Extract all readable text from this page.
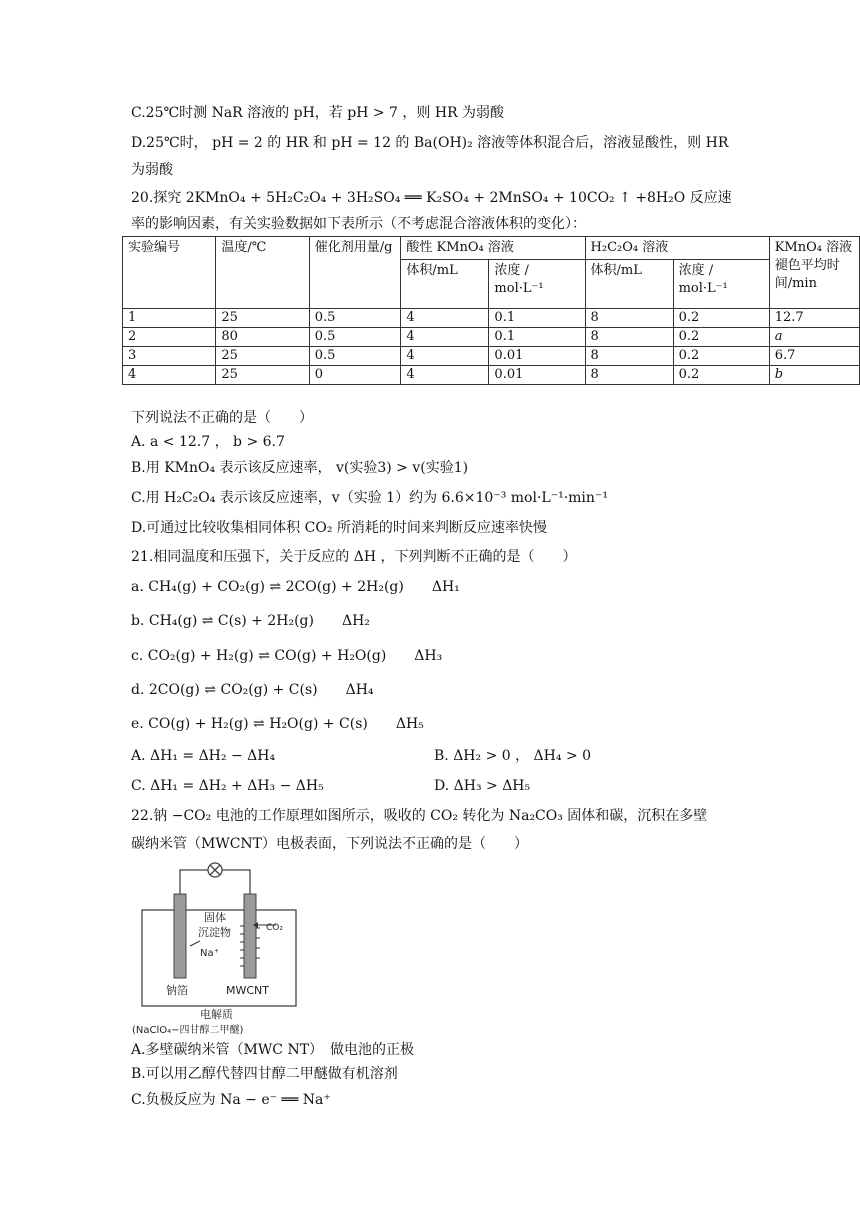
C.25℃时测 NaR 溶液的 pH，若 pH > 7 ，则 HR 为弱酸
D.25℃时， pH = 2 的 HR 和 pH = 12 的 Ba(OH)₂ 溶液等体积混合后，溶液显酸性，则 HR
为弱酸
20.探究 2KMnO₄ + 5H₂C₂O₄ + 3H₂SO₄ ══ K₂SO₄ + 2MnSO₄ + 10CO₂ ↑ +8H₂O 反应速
率的影响因素，有关实验数据如下表所示（不考虑混合溶液体积的变化）：
实验编号	温度/℃	催化剂用量/g	酸性 KMnO₄ 溶液		H₂C₂O₄ 溶液		KMnO₄ 溶液褪色平均时间/min
			体积/mL	浓度 / mol·L⁻¹	体积/mL	浓度 / mol·L⁻¹	
1	25	0.5	4	0.1	8	0.2	12.7
2	80	0.5	4	0.1	8	0.2	a
3	25	0.5	4	0.01	8	0.2	6.7
4	25	0	4	0.01	8	0.2	b
下列说法不正确的是（　　）
A. a < 12.7 ， b > 6.7
B.用 KMnO₄ 表示该反应速率， v(实验3) > v(实验1)
C.用 H₂C₂O₄ 表示该反应速率，v（实验 1）约为 6.6×10⁻³ mol·L⁻¹·min⁻¹
D.可通过比较收集相同体积 CO₂ 所消耗的时间来判断反应速率快慢
21.相同温度和压强下，关于反应的 ΔH ，下列判断不正确的是（　　）
a. CH₄(g) + CO₂(g) ⇌ 2CO(g) + 2H₂(g)　　ΔH₁
b. CH₄(g) ⇌ C(s) + 2H₂(g)　　ΔH₂
c. CO₂(g) + H₂(g) ⇌ CO(g) + H₂O(g)　　ΔH₃
d. 2CO(g) ⇌ CO₂(g) + C(s)　　ΔH₄
e. CO(g) + H₂(g) ⇌ H₂O(g) + C(s)　　ΔH₅
A. ΔH₁ = ΔH₂ − ΔH₄	B. ΔH₂ > 0 ， ΔH₄ > 0
C. ΔH₁ = ΔH₂ + ΔH₃ − ΔH₅	D. ΔH₃ > ΔH₅
22.钠 −CO₂ 电池的工作原理如图所示，吸收的 CO₂ 转化为 Na₂CO₃ 固体和碳，沉积在多壁
碳纳米管（MWCNT）电极表面，下列说法不正确的是（　　）
固体
沉淀物	CO₂
Na⁺
钠箔	MWCNT
电解质
(NaClO₄−四甘醇二甲醚)
A.多壁碳纳米管（MWC NT）　做电池的正极
B.可以用乙醇代替四甘醇二甲醚做有机溶剂
C.负极反应为 Na − e⁻ ══ Na⁺
